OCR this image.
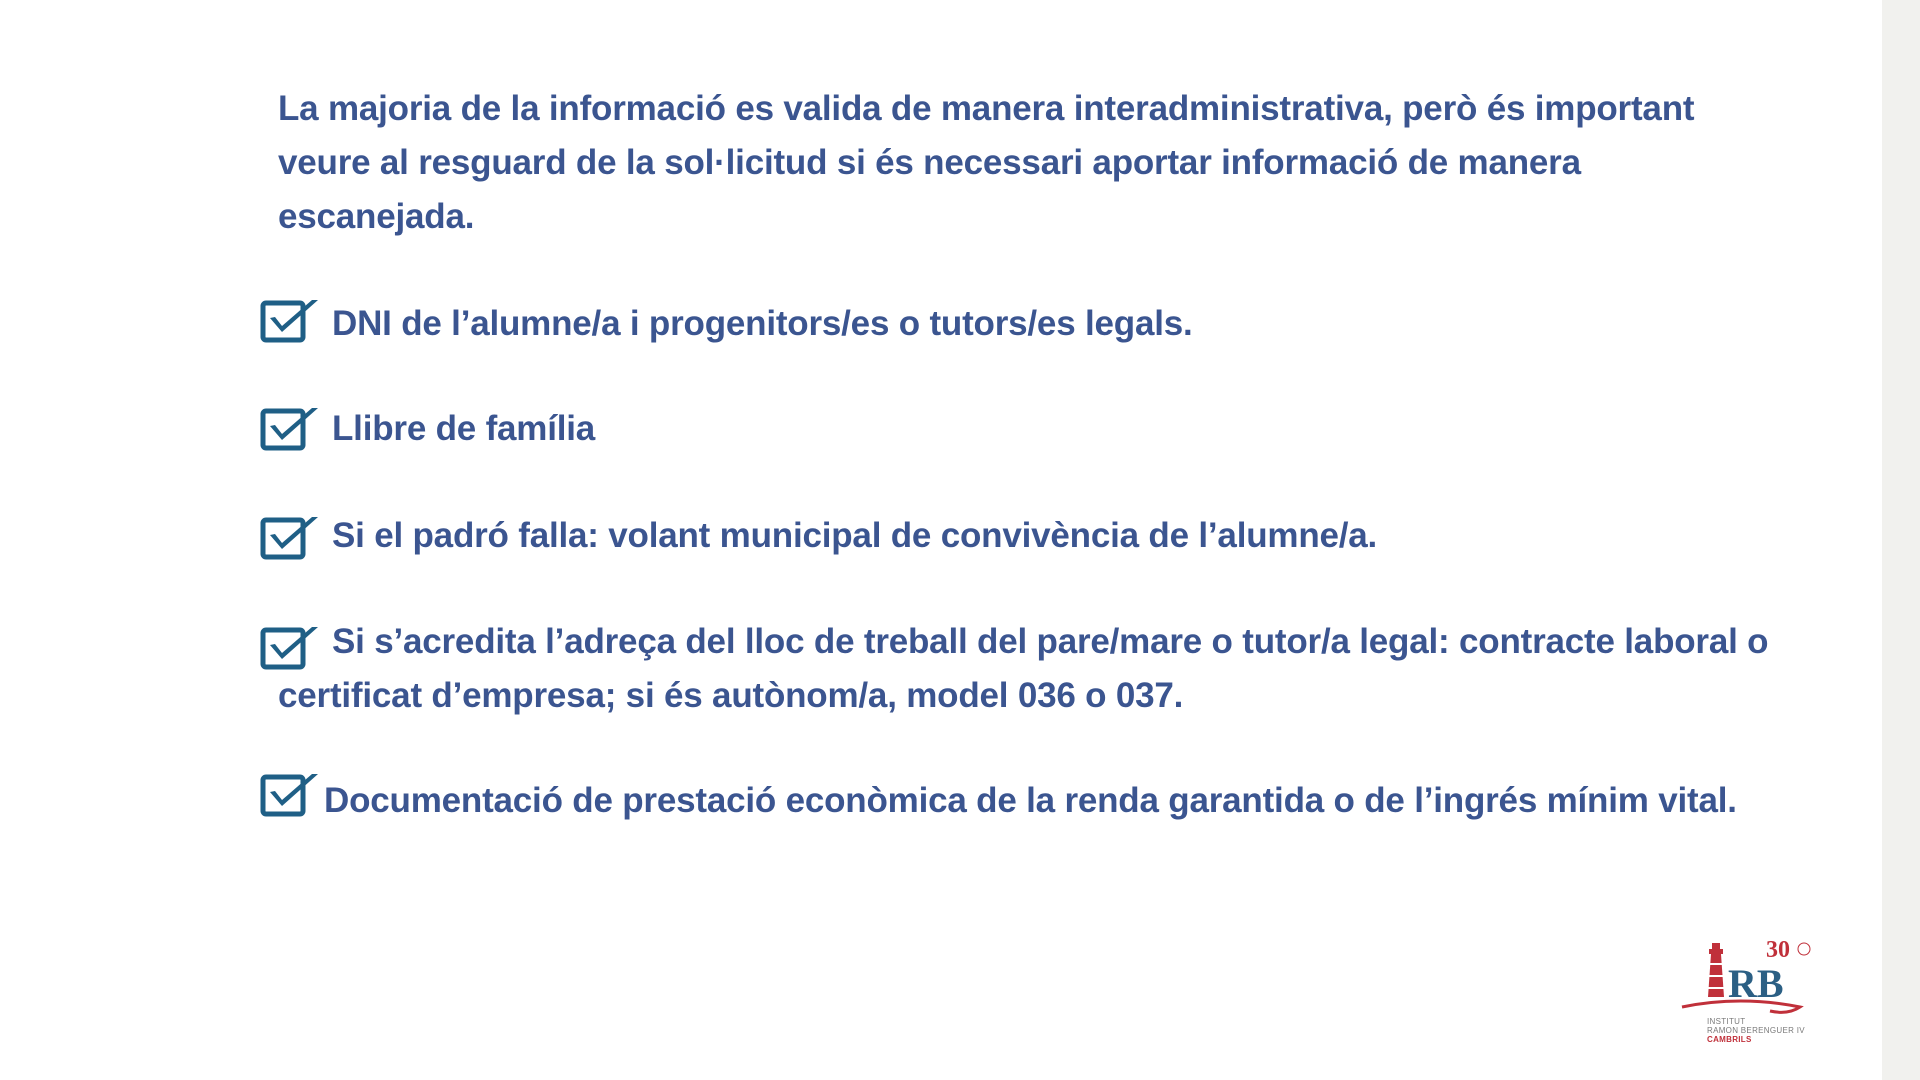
La majoria de la informació es valida de manera interadministrativa, però és important veure al resguard de la sol·licitud si és necessari aportar informació de manera escanejada.

DNI de l’alumne/a i progenitors/es o tutors/es legals.

Llibre de família

Si el padró falla: volant municipal de convivència de l’alumne/a.

Si s’acredita l’adreça del lloc de treball del pare/mare o tutor/a legal: contracte laboral o certificat d’empresa; si és autònom/a, model 036 o 037.

Documentació de prestació econòmica de la renda garantida o de l’ingrés mínim vital.

30
RB
INSTITUT
RAMON BERENGUER IV
CAMBRILS
